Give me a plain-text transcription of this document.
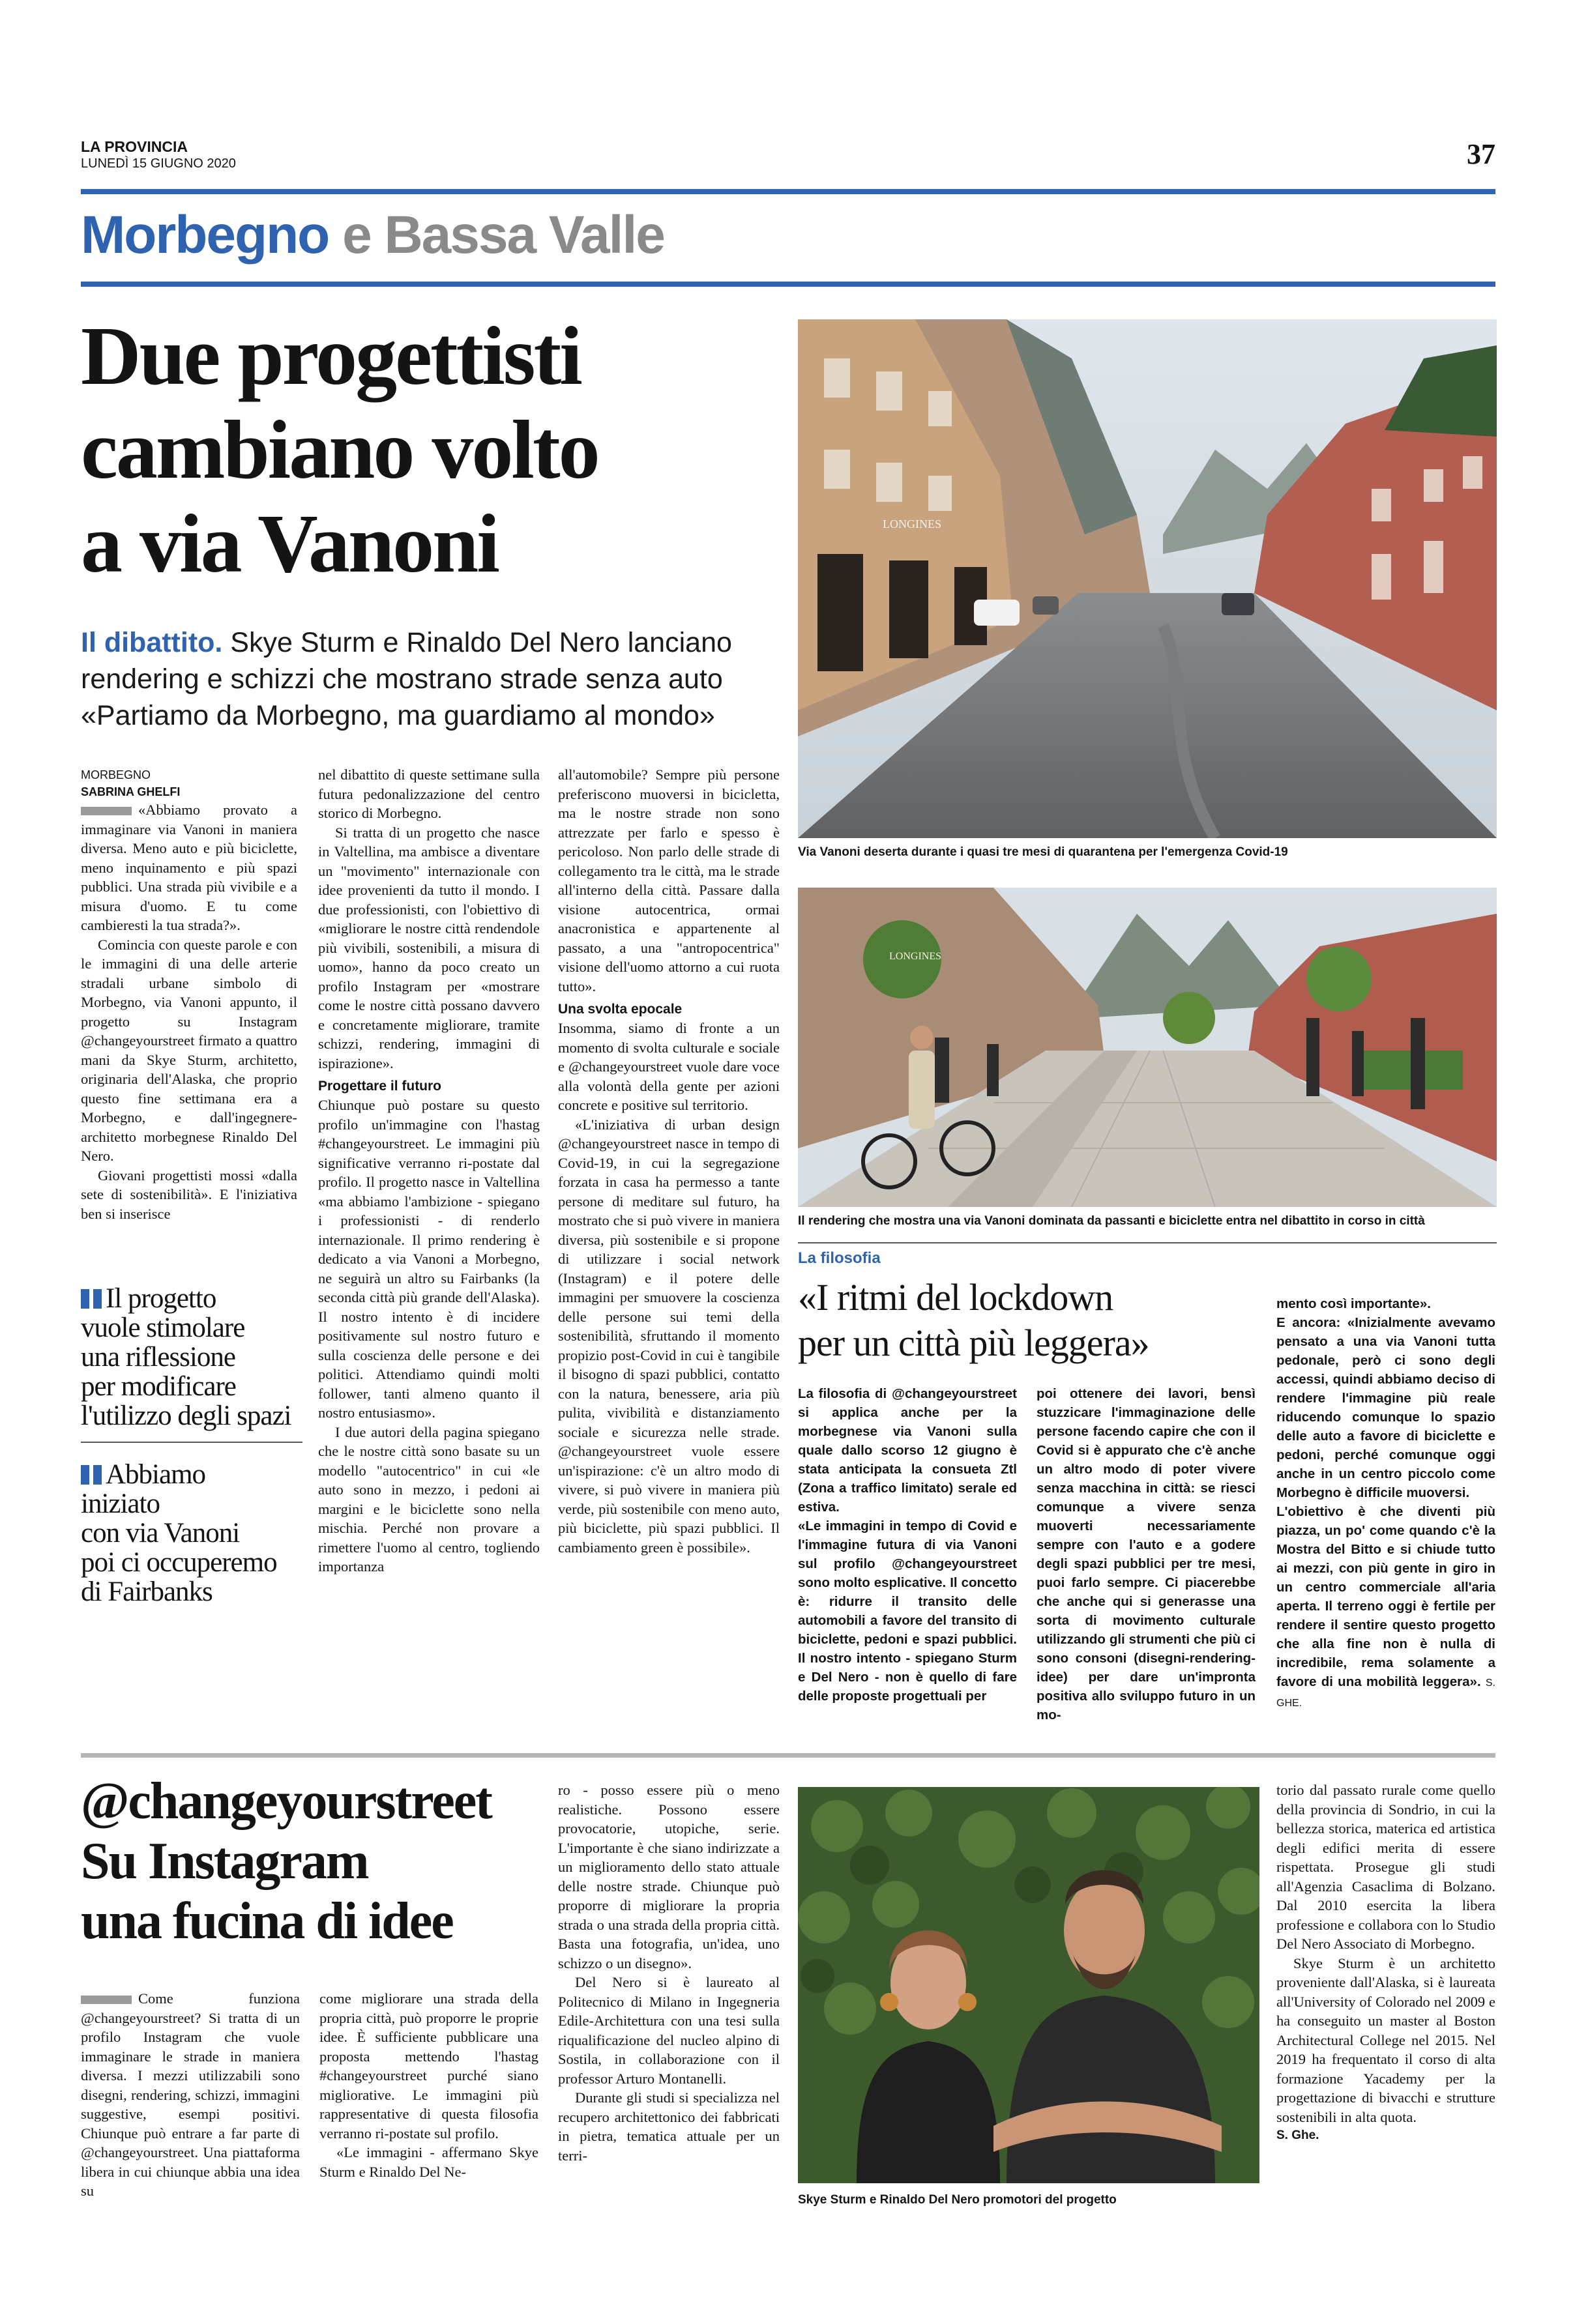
LA PROVINCIA
LUNEDÌ 15 GIUGNO 2020	37
Morbegno e Bassa Valle
Due progettisti
cambiano volto
a via Vanoni
Il dibattito. Skye Sturm e Rinaldo Del Nero lanciano
rendering e schizzi che mostrano strade senza auto
«Partiamo da Morbegno, ma guardiamo al mondo»
MORBEGNO
SABRINA GHELFI

«Abbiamo provato a immaginare via Vanoni in maniera diversa. Meno auto e più biciclette, meno inquinamento e più spazi pubblici. Una strada più vivibile e a misura d'uomo. E tu come cambieresti la tua strada?».

Comincia con queste parole e con le immagini di una delle arterie stradali urbane simbolo di Morbegno, via Vanoni appunto, il progetto su Instagram @changeyourstreet firmato a quattro mani da Skye Sturm, architetto, originaria dell'Alaska, che proprio questo fine settimana era a Morbegno, e dall'ingegnere-architetto morbegnese Rinaldo Del Nero.

Giovani progettisti mossi «dalla sete di sostenibilità». E l'iniziativa ben si inserisce

Il progetto
vuole stimolare
una riflessione
per modificare
l'utilizzo degli spazi
Abbiamo
iniziato
con via Vanoni
poi ci occuperemo
di Fairbanks

nel dibattito di queste settimane sulla futura pedonalizzazione del centro storico di Morbegno.

Si tratta di un progetto che nasce in Valtellina, ma ambisce a diventare un "movimento" internazionale con idee provenienti da tutto il mondo. I due professionisti, con l'obiettivo di «migliorare le nostre città rendendole più vivibili, sostenibili, a misura di uomo», hanno da poco creato un profilo Instagram per «mostrare come le nostre città possano davvero e concretamente migliorare, tramite schizzi, rendering, immagini di ispirazione».

Progettare il futuro

Chiunque può postare su questo profilo un'immagine con l'hastag #changeyourstreet. Le immagini più significative verranno ri-postate dal profilo. Il progetto nasce in Valtellina «ma abbiamo l'ambizione - spiegano i professionisti - di renderlo internazionale. Il primo rendering è dedicato a via Vanoni a Morbegno, ne seguirà un altro su Fairbanks (la seconda città più grande dell'Alaska). Il nostro intento è di incidere positivamente sul nostro futuro e sulla coscienza delle persone e dei politici. Attendiamo quindi molti follower, tanti almeno quanto il nostro entusiasmo».

I due autori della pagina spiegano che le nostre città sono basate su un modello "autocentrico" in cui «le auto sono in mezzo, i pedoni ai margini e le biciclette sono nella mischia. Perché non provare a rimettere l'uomo al centro, togliendo importanza

all'automobile? Sempre più persone preferiscono muoversi in bicicletta, ma le nostre strade non sono attrezzate per farlo e spesso è pericoloso. Non parlo delle strade di collegamento tra le città, ma le strade all'interno della città. Passare dalla visione autocentrica, ormai anacronistica e appartenente al passato, a una "antropocentrica" visione dell'uomo attorno a cui ruota tutto».

Una svolta epocale

Insomma, siamo di fronte a un momento di svolta culturale e sociale e @changeyourstreet vuole dare voce alla volontà della gente per azioni concrete e positive sul territorio.

«L'iniziativa di urban design @changeyourstreet nasce in tempo di Covid-19, in cui la segregazione forzata in casa ha permesso a tante persone di meditare sul futuro, ha mostrato che si può vivere in maniera diversa, più sostenibile e si propone di utilizzare i social network (Instagram) e il potere delle immagini per smuovere la coscienza delle persone sui temi della sostenibilità, sfruttando il momento propizio post-Covid in cui è tangibile il bisogno di spazi pubblici, contatto con la natura, benessere, aria più pulita, vivibilità e distanziamento sociale e sicurezza nelle strade. @changeyourstreet vuole essere un'ispirazione: c'è un altro modo di vivere, si può vivere in maniera più verde, più sostenibile con meno auto, più biciclette, più spazi pubblici. Il cambiamento green è possibile».

LONGINES
Via Vanoni deserta durante i quasi tre mesi di quarantena per l'emergenza Covid-19
LONGINES
Il rendering che mostra una via Vanoni dominata da passanti e biciclette entra nel dibattito in corso in città
La filosofia
«I ritmi del lockdown
per un città più leggera»

La filosofia di @changeyourstreet si applica anche per la morbegnese via Vanoni sulla quale dallo scorso 12 giugno è stata anticipata la consueta Ztl (Zona a traffico limitato) serale ed estiva.

«Le immagini in tempo di Covid e l'immagine futura di via Vanoni sul profilo @changeyourstreet sono molto esplicative. Il concetto è: ridurre il transito delle automobili a favore del transito di biciclette, pedoni e spazi pubblici. Il nostro intento - spiegano Sturm e Del Nero - non è quello di fare delle proposte progettuali per

poi ottenere dei lavori, bensì stuzzicare l'immaginazione delle persone facendo capire che con il Covid si è appurato che c'è anche un altro modo di poter vivere senza macchina in città: se riesci comunque a vivere senza muoverti necessariamente sempre con l'auto e a godere degli spazi pubblici per tre mesi, puoi farlo sempre. Ci piacerebbe che anche qui si generasse una sorta di movimento culturale utilizzando gli strumenti che più ci sono consoni (disegni-rendering-idee) per dare un'impronta positiva allo sviluppo futuro in un mo-

mento così importante».

E ancora: «Inizialmente avevamo pensato a una via Vanoni tutta pedonale, però ci sono degli accessi, quindi abbiamo deciso di rendere l'immagine più reale riducendo comunque lo spazio delle auto a favore di biciclette e pedoni, perché comunque oggi anche in un centro piccolo come Morbegno è difficile muoversi.

L'obiettivo è che diventi più piazza, un po' come quando c'è la Mostra del Bitto e si chiude tutto ai mezzi, con più gente in giro in un centro commerciale all'aria aperta. Il terreno oggi è fertile per rendere il sentire questo progetto che alla fine non è nulla di incredibile, rema solamente a favore di una mobilità leggera». S. GHE.

@changeyourstreet
Su Instagram
una fucina di idee

Come funziona @changeyourstreet? Si tratta di un profilo Instagram che vuole immaginare le strade in maniera diversa. I mezzi utilizzabili sono disegni, rendering, schizzi, immagini suggestive, esempi positivi. Chiunque può entrare a far parte di @changeyourstreet. Una piattaforma libera in cui chiunque abbia una idea su

come migliorare una strada della propria città, può proporre le proprie idee. È sufficiente pubblicare una proposta mettendo l'hastag #changeyourstreet purché siano migliorative. Le immagini più rappresentative di questa filosofia verranno ri-postate sul profilo.

«Le immagini - affermano Skye Sturm e Rinaldo Del Ne-

ro - posso essere più o meno realistiche. Possono essere provocatorie, utopiche, serie. L'importante è che siano indirizzate a un miglioramento dello stato attuale delle nostre strade. Chiunque può proporre di migliorare la propria strada o una strada della propria città. Basta una fotografia, un'idea, uno schizzo o un disegno».

Del Nero si è laureato al Politecnico di Milano in Ingegneria Edile-Architettura con una tesi sulla riqualificazione del nucleo alpino di Sostila, in collaborazione con il professor Arturo Montanelli.

Durante gli studi si specializza nel recupero architettonico dei fabbricati in pietra, tematica attuale per un terri-

Skye Sturm e Rinaldo Del Nero promotori del progetto

torio dal passato rurale come quello della provincia di Sondrio, in cui la bellezza storica, materica ed artistica degli edifici merita di essere rispettata. Prosegue gli studi all'Agenzia Casaclima di Bolzano. Dal 2010 esercita la libera professione e collabora con lo Studio Del Nero Associato di Morbegno.

Skye Sturm è un architetto proveniente dall'Alaska, si è laureata all'University of Colorado nel 2009 e ha conseguito un master al Boston Architectural College nel 2015. Nel 2019 ha frequentato il corso di alta formazione Yacademy per la progettazione di bivacchi e strutture sostenibili in alta quota.

S. Ghe.
